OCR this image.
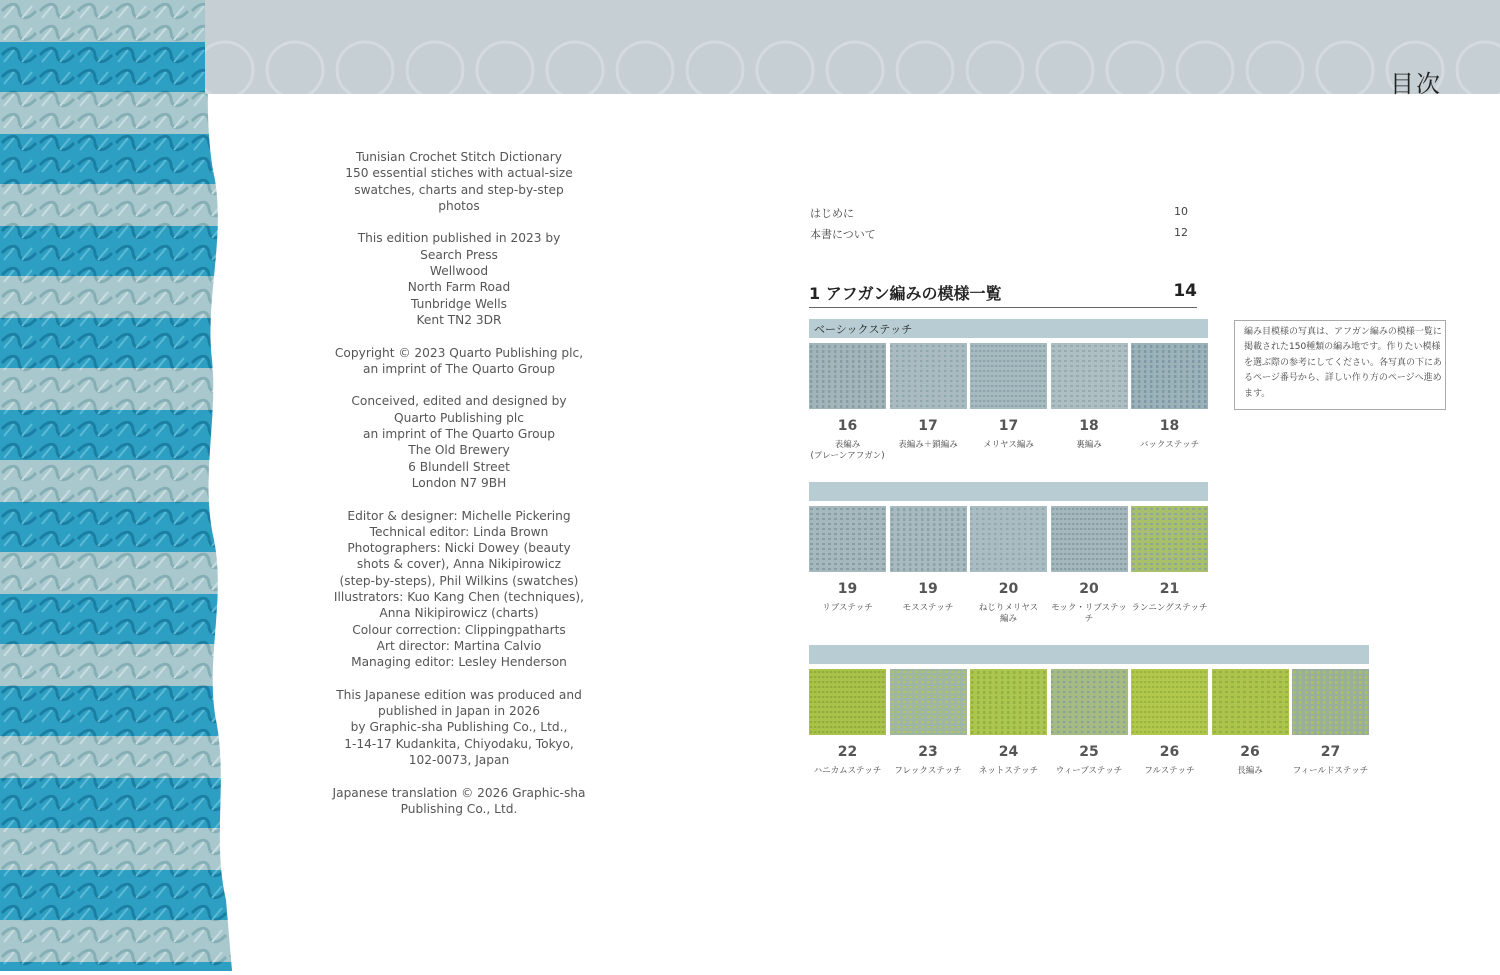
目次

Tunisian Crochet Stitch Dictionary
150 essential stiches with actual-size
swatches, charts and step-by-step
photos

This edition published in 2023 by
Search Press
Wellwood
North Farm Road
Tunbridge Wells
Kent TN2 3DR

Copyright © 2023 Quarto Publishing plc,
an imprint of The Quarto Group

Conceived, edited and designed by
Quarto Publishing plc
an imprint of The Quarto Group
The Old Brewery
6 Blundell Street
London N7 9BH

Editor & designer: Michelle Pickering
Technical editor: Linda Brown
Photographers: Nicki Dowey (beauty
shots & cover), Anna Nikipirowicz
(step-by-steps), Phil Wilkins (swatches)
Illustrators: Kuo Kang Chen (techniques),
Anna Nikipirowicz (charts)
Colour correction: Clippingpatharts
Art director: Martina Calvio
Managing editor: Lesley Henderson

This Japanese edition was produced and
published in Japan in 2026
by Graphic-sha Publishing Co., Ltd.,
1-14-17 Kudankita, Chiyodaku, Tokyo,
102-0073, Japan

Japanese translation © 2026 Graphic-sha
Publishing Co., Ltd.

はじめに	10
本書について	12
1 アフガン編みの模様一覧	14
ベーシックステッチ
16
表編み
(プレーンアフガン)
17
表編み＋鎖編み
17
メリヤス編み
18
裏編み
18
バックステッチ
19
リブステッチ
19
モスステッチ
20
ねじりメリヤス
編み
20
モック・リブステッチ
21
ランニングステッチ
22
ハニカムステッチ
23
フレックステッチ
24
ネットステッチ
25
ウィーブステッチ
26
フルステッチ
26
長編み
27
フィールドステッチ
編み目模様の写真は、アフガン編みの模様一覧に掲載された150種類の編み地です。作りたい模様を選ぶ際の参考にしてください。各写真の下にあるページ番号から、詳しい作り方のページへ進めます。
